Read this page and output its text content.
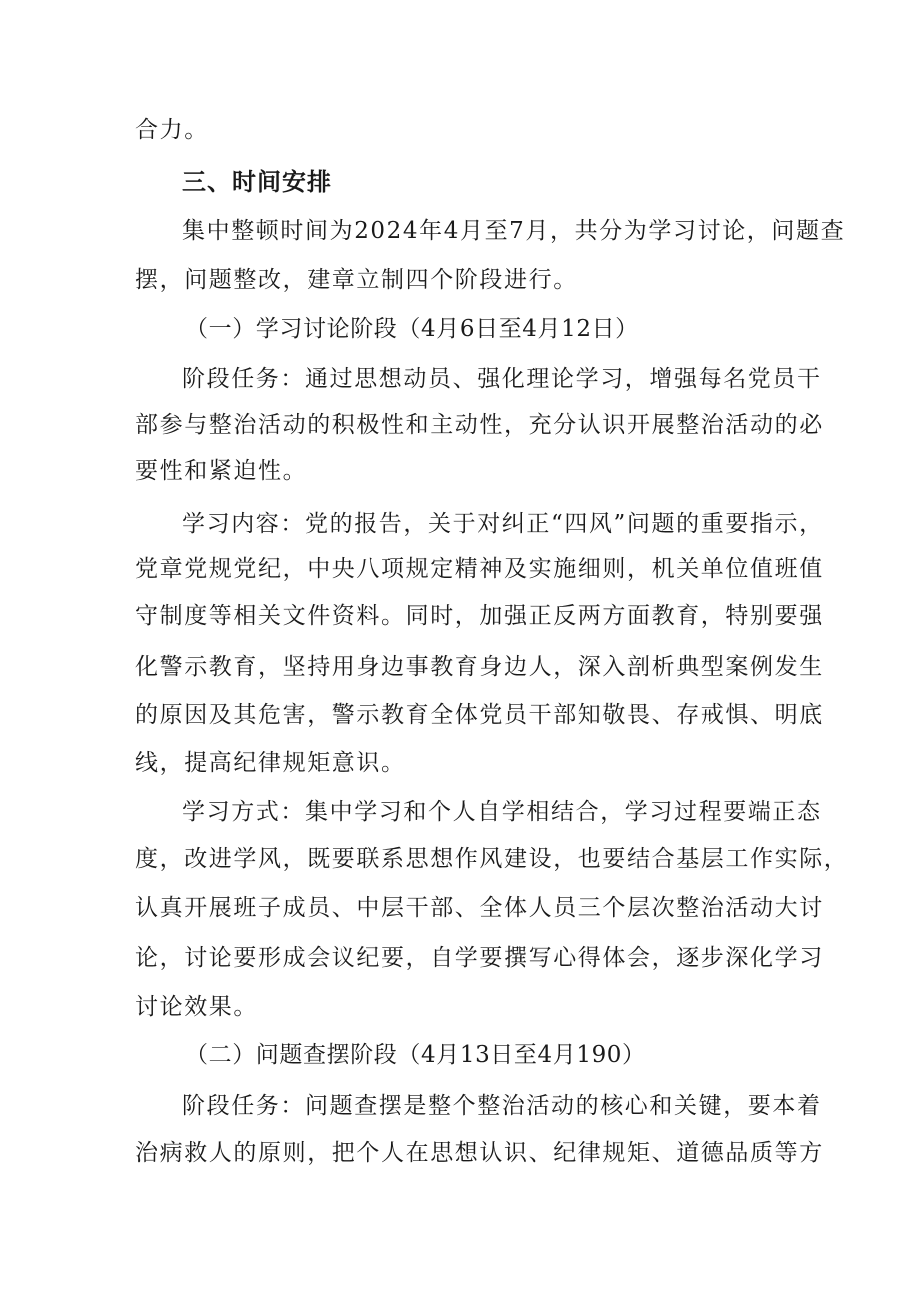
合力。
三、时间安排
集中整顿时间为2024年4月至7月，共分为学习讨论，问题查
摆，问题整改，建章立制四个阶段进行。
（一）学习讨论阶段（4月6日至4月12日）
阶段任务：通过思想动员、强化理论学习，增强每名党员干
部参与整治活动的积极性和主动性，充分认识开展整治活动的必
要性和紧迫性。
学习内容：党的报告，关于对纠正“四风”问题的重要指示，
党章党规党纪，中央八项规定精神及实施细则，机关单位值班值
守制度等相关文件资料。同时，加强正反两方面教育，特别要强
化警示教育，坚持用身边事教育身边人，深入剖析典型案例发生
的原因及其危害，警示教育全体党员干部知敬畏、存戒惧、明底
线，提高纪律规矩意识。
学习方式：集中学习和个人自学相结合，学习过程要端正态
度，改进学风，既要联系思想作风建设，也要结合基层工作实际，
认真开展班子成员、中层干部、全体人员三个层次整治活动大讨
论，讨论要形成会议纪要，自学要撰写心得体会，逐步深化学习
讨论效果。
（二）问题查摆阶段（4月13日至4月190）
阶段任务：问题查摆是整个整治活动的核心和关键，要本着
治病救人的原则，把个人在思想认识、纪律规矩、道德品质等方
